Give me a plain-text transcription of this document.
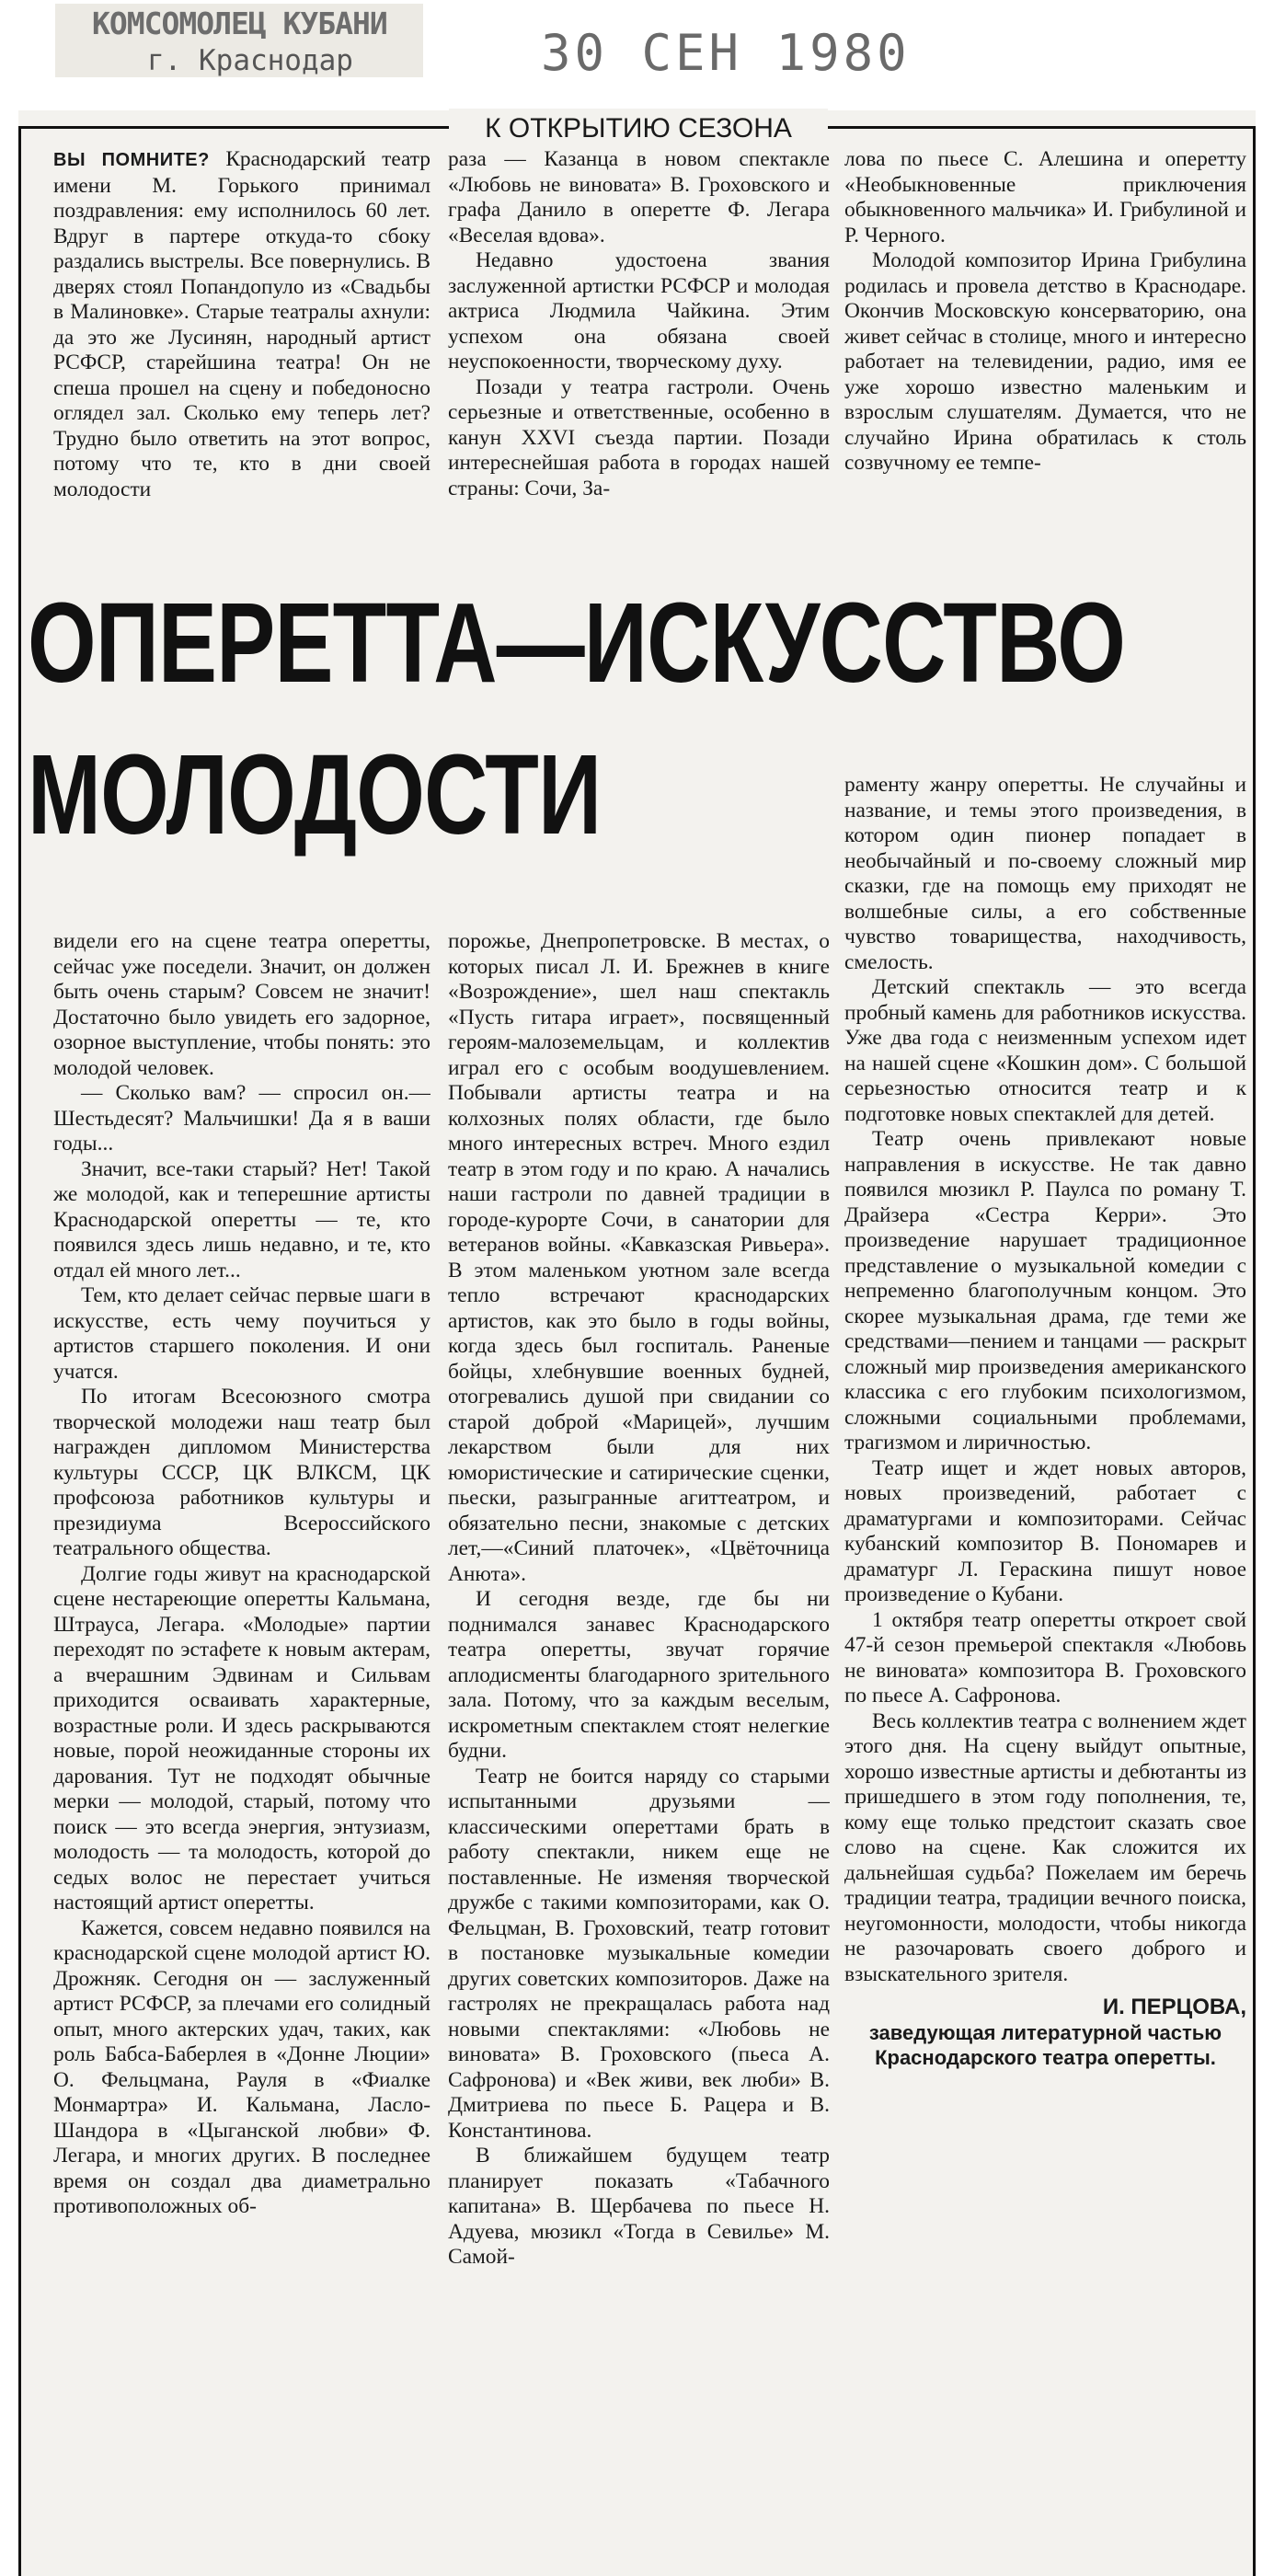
КОМСОМОЛЕЦ КУБАНИ
г. Краснодар	30 СЕН 1980
К ОТКРЫТИЮ СЕЗОНА

ВЫ ПОМНИТЕ? Краснодарский театр имени М. Горького принимал поздравления: ему исполнилось 60 лет. Вдруг в партере откуда-то сбоку раздались выстрелы. Все повернулись. В дверях стоял Попандопуло из «Свадьбы в Малиновке». Старые театралы ахнули: да это же Лусинян, народный артист РСФСР, старейшина театра! Он не спеша прошел на сцену и победоносно оглядел зал. Сколько ему теперь лет? Трудно было ответить на этот вопрос, потому что те, кто в дни своей молодости

раза — Казанца в новом спектакле «Любовь не виновата» В. Гроховского и графа Данило в оперетте Ф. Легара «Веселая вдова».

Недавно удостоена звания заслуженной артистки РСФСР и молодая актриса Людмила Чайкина. Этим успехом она обязана своей неуспокоенности, творческому духу.

Позади у театра гастроли. Очень серьезные и ответственные, особенно в канун XXVI съезда партии. Позади интереснейшая работа в городах нашей страны: Сочи, За-

лова по пьесе С. Алешина и оперетту «Необыкновенные приключения обыкновенного мальчика» И. Грибулиной и Р. Черного.

Молодой композитор Ирина Грибулина родилась и провела детство в Краснодаре. Окончив Московскую консерваторию, она живет сейчас в столице, много и интересно работает на телевидении, радио, имя ее уже хорошо известно маленьким и взрослым слушателям. Думается, что не случайно Ирина обратилась к столь созвучному ее темпе-

ОПЕРЕТТА—ИСКУССТВО
МОЛОДОСТИ

видели его на сцене театра оперетты, сейчас уже поседели. Значит, он должен быть очень старым? Совсем не значит! Достаточно было увидеть его задорное, озорное выступление, чтобы понять: это молодой человек.

— Сколько вам? — спросил он.— Шестьдесят? Мальчишки! Да я в ваши годы...

Значит, все-таки старый? Нет! Такой же молодой, как и теперешние артисты Краснодарской оперетты — те, кто появился здесь лишь недавно, и те, кто отдал ей много лет...

Тем, кто делает сейчас первые шаги в искусстве, есть чему поучиться у артистов старшего поколения. И они учатся.

По итогам Всесоюзного смотра творческой молодежи наш театр был награжден дипломом Министерства культуры СССР, ЦК ВЛКСМ, ЦК профсоюза работников культуры и президиума Всероссийского театрального общества.

Долгие годы живут на краснодарской сцене нестареющие оперетты Кальмана, Штрауса, Легара. «Молодые» партии переходят по эстафете к новым актерам, а вчерашним Эдвинам и Сильвам приходится осваивать характерные, возрастные роли. И здесь раскрываются новые, порой неожиданные стороны их дарования. Тут не подходят обычные мерки — молодой, старый, потому что поиск — это всегда энергия, энтузиазм, молодость — та молодость, которой до седых волос не перестает учиться настоящий артист оперетты.

Кажется, совсем недавно появился на краснодарской сцене молодой артист Ю. Дрожняк. Сегодня он — заслуженный артист РСФСР, за плечами его солидный опыт, много актерских удач, таких, как роль Бабса-Баберлея в «Донне Люции» О. Фельцмана, Рауля в «Фиалке Монмартра» И. Кальмана, Ласло-Шандора в «Цыганской любви» Ф. Легара, и многих других. В последнее время он создал два диаметрально противоположных об-

порожье, Днепропетровске. В местах, о которых писал Л. И. Брежнев в книге «Возрождение», шел наш спектакль «Пусть гитара играет», посвященный героям-малоземельцам, и коллектив играл его с особым воодушевлением. Побывали артисты театра и на колхозных полях области, где было много интересных встреч. Много ездил театр в этом году и по краю. А начались наши гастроли по давней традиции в городе-курорте Сочи, в санатории для ветеранов войны. «Кавказская Ривьера». В этом маленьком уютном зале всегда тепло встречают краснодарских артистов, как это было в годы войны, когда здесь был госпиталь. Раненые бойцы, хлебнувшие военных будней, отогревались душой при свидании со старой доброй «Марицей», лучшим лекарством были для них юмористические и сатирические сценки, пьески, разыгранные агиттеатром, и обязательно песни, знакомые с детских лет,—«Синий платочек», «Цвëточница Анюта».

И сегодня везде, где бы ни поднимался занавес Краснодарского театра оперетты, звучат горячие аплодисменты благодарного зрительного зала. Потому, что за каждым веселым, искрометным спектаклем стоят нелегкие будни.

Театр не боится наряду со старыми испытанными друзьями — классическими опереттами брать в работу спектакли, никем еще не поставленные. Не изменяя творческой дружбе с такими композиторами, как О. Фельцман, В. Гроховский, театр готовит в постановке музыкальные комедии других советских композиторов. Даже на гастролях не прекращалась работа над новыми спектаклями: «Любовь не виновата» В. Гроховского (пьеса А. Сафронова) и «Век живи, век люби» В. Дмитриева по пьесе Б. Рацера и В. Константинова.

В ближайшем будущем театр планирует показать «Табачного капитана» В. Щербачева по пьесе Н. Адуева, мюзикл «Тогда в Севилье» М. Самой-

раменту жанру оперетты. Не случайны и название, и темы этого произведения, в котором один пионер попадает в необычайный и по-своему сложный мир сказки, где на помощь ему приходят не волшебные силы, а его собственные чувство товарищества, находчивость, смелость.

Детский спектакль — это всегда пробный камень для работников искусства. Уже два года с неизменным успехом идет на нашей сцене «Кошкин дом». С большой серьезностью относится театр и к подготовке новых спектаклей для детей.

Театр очень привлекают новые направления в искусстве. Не так давно появился мюзикл Р. Паулса по роману Т. Драйзера «Сестра Керри». Это произведение нарушает традиционное представление о музыкальной комедии с непременно благополучным концом. Это скорее музыкальная драма, где теми же средствами—пением и танцами — раскрыт сложный мир произведения американского классика с его глубоким психологизмом, сложными социальными проблемами, трагизмом и лиричностью.

Театр ищет и ждет новых авторов, новых произведений, работает с драматургами и композиторами. Сейчас кубанский композитор В. Пономарев и драматург Л. Гераскина пишут новое произведение о Кубани.

1 октября театр оперетты откроет свой 47-й сезон премьерой спектакля «Любовь не виновата» композитора В. Гроховского по пьесе А. Сафронова.

Весь коллектив театра с волнением ждет этого дня. На сцену выйдут опытные, хорошо известные артисты и дебютанты из пришедшего в этом году пополнения, те, кому еще только предстоит сказать свое слово на сцене. Как сложится их дальнейшая судьба? Пожелаем им беречь традиции театра, традиции вечного поиска, неугомонности, молодости, чтобы никогда не разочаровать своего доброго и взыскательного зрителя.

И. ПЕРЦОВА,
заведующая литературной частью Краснодарского театра оперетты.
